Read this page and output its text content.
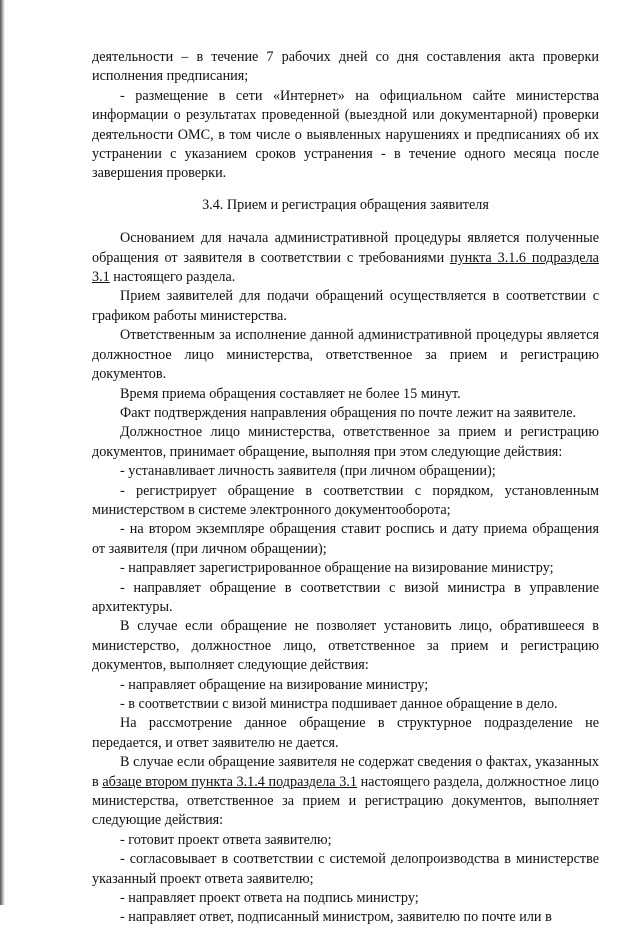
деятельности – в течение 7 рабочих дней со дня составления акта проверки исполнения предписания;

- размещение в сети «Интернет» на официальном сайте министерства информации о результатах проведенной (выездной или документарной) проверки деятельности ОМС, в том числе о выявленных нарушениях и предписаниях об их устранении с указанием сроков устранения - в течение одного месяца после завершения проверки.

3.4. Прием и регистрация обращения заявителя

Основанием для начала административной процедуры является полученные обращения от заявителя в соответствии с требованиями пункта 3.1.6 подраздела 3.1 настоящего раздела.

Прием заявителей для подачи обращений осуществляется в соответствии с графиком работы министерства.

Ответственным за исполнение данной административной процедуры является должностное лицо министерства, ответственное за прием и регистрацию документов.

Время приема обращения составляет не более 15 минут.

Факт подтверждения направления обращения по почте лежит на заявителе.

Должностное лицо министерства, ответственное за прием и регистрацию документов, принимает обращение, выполняя при этом следующие действия:

- устанавливает личность заявителя (при личном обращении);

- регистрирует обращение в соответствии с порядком, установленным министерством в системе электронного документооборота;

- на втором экземпляре обращения ставит роспись и дату приема обращения от заявителя (при личном обращении);

- направляет зарегистрированное обращение на визирование министру;

- направляет обращение в соответствии с визой министра в управление архитектуры.

В случае если обращение не позволяет установить лицо, обратившееся в министерство, должностное лицо, ответственное за прием и регистрацию документов, выполняет следующие действия:

- направляет обращение на визирование министру;

- в соответствии с визой министра подшивает данное обращение в дело.

На рассмотрение данное обращение в структурное подразделение не передается, и ответ заявителю не дается.

В случае если обращение заявителя не содержат сведения о фактах, указанных в абзаце втором пункта 3.1.4 подраздела 3.1 настоящего раздела, должностное лицо министерства, ответственное за прием и регистрацию документов, выполняет следующие действия:

- готовит проект ответа заявителю;

- согласовывает в соответствии с системой делопроизводства в министерстве указанный проект ответа заявителю;

- направляет проект ответа на подпись министру;

- направляет ответ, подписанный министром, заявителю по почте или в
